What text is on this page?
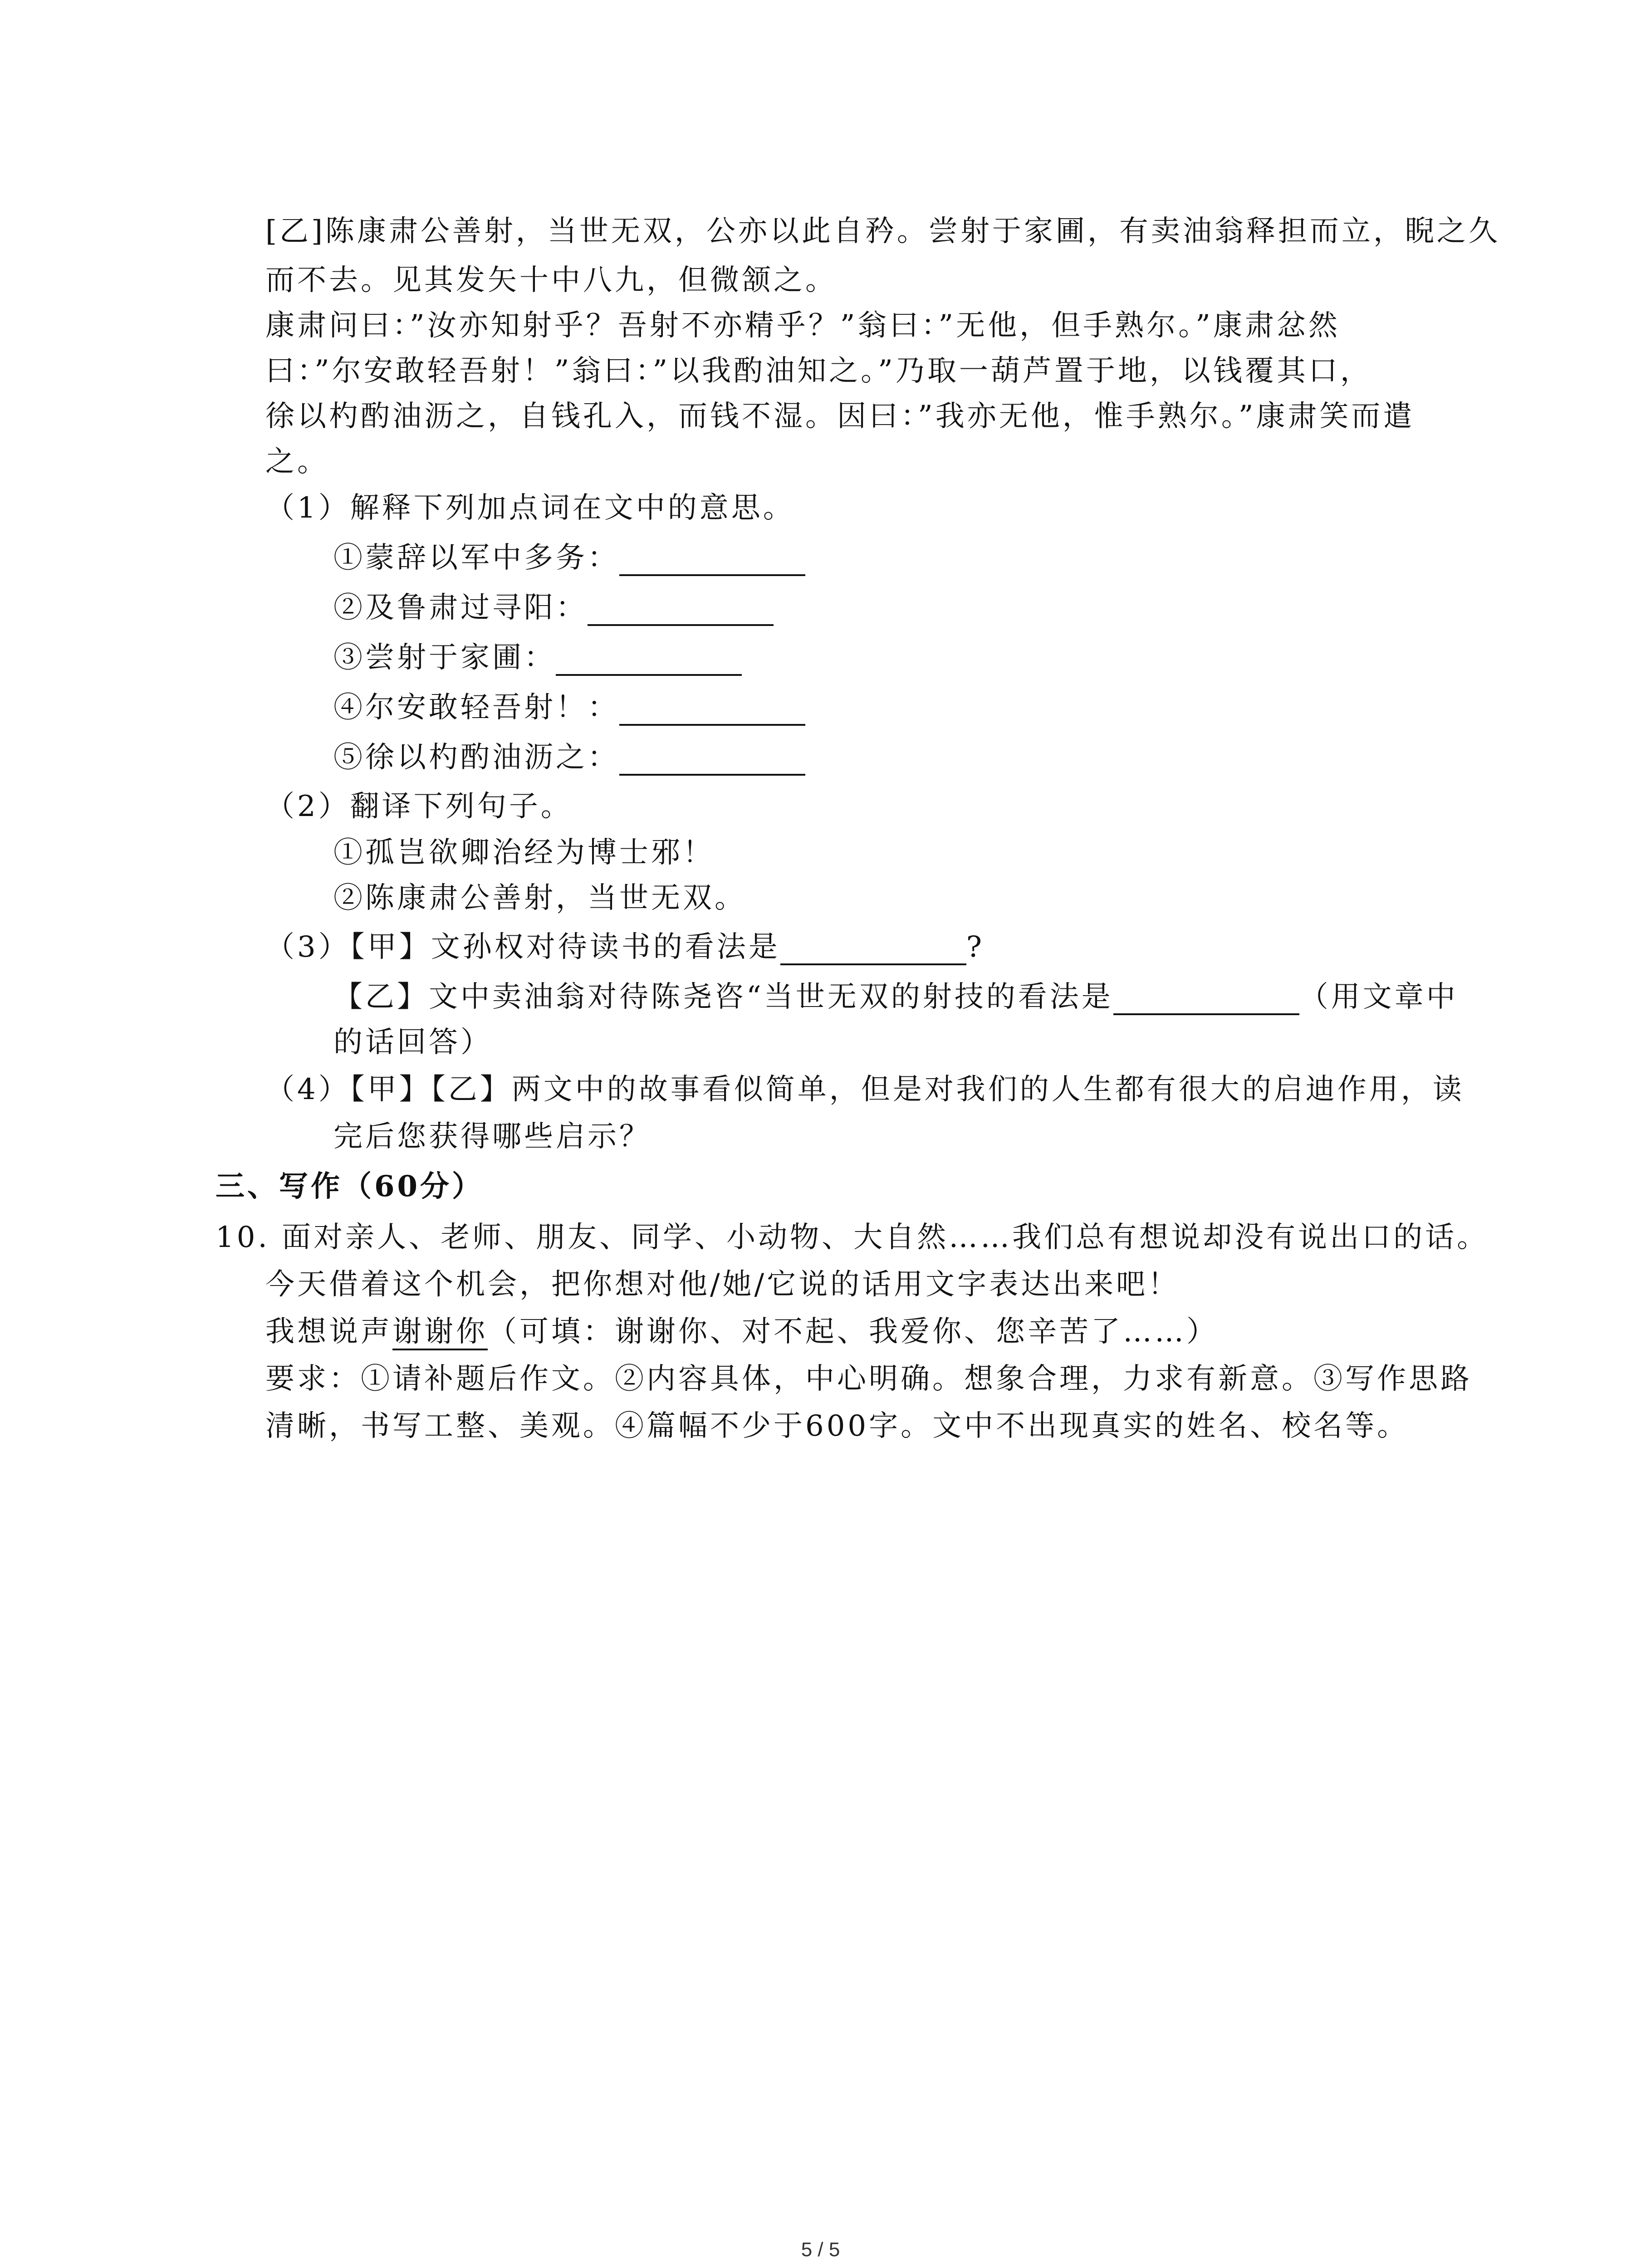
[乙]陈康肃公善射，当世无双，公亦以此自矜。尝射于家圃，有卖油翁释担而立，睨之久
而不去。见其发矢十中八九，但微颔之。
康肃问曰：”汝亦知射乎？吾射不亦精乎？”翁曰：”无他，但手熟尔。”康肃忿然
曰：”尔安敢轻吾射！”翁曰：”以我酌油知之。”乃取一葫芦置于地，以钱覆其口，
徐以杓酌油沥之，自钱孔入，而钱不湿。因曰：”我亦无他，惟手熟尔。”康肃笑而遣
之。
（1）解释下列加点词在文中的意思。
①蒙辞以军中多务：
②及鲁肃过寻阳：
③尝射于家圃：
④尔安敢轻吾射！：
⑤徐以杓酌油沥之：
（2）翻译下列句子。
①孤岂欲卿治经为博士邪！
②陈康肃公善射，当世无双。
（3）【甲】文孙权对待读书的看法是	?
【乙】文中卖油翁对待陈尧咨“当世无双的射技的看法是	（用文章中
的话回答）
（4）【甲】【乙】两文中的故事看似简单，但是对我们的人生都有很大的启迪作用，读
完后您获得哪些启示？
三、写作（60分）
10. 面对亲人、老师、朋友、同学、小动物、大自然……我们总有想说却没有说出口的话。
今天借着这个机会，把你想对他/她/它说的话用文字表达出来吧！
我想说声谢谢你（可填：谢谢你、对不起、我爱你、您辛苦了……）
要求：①请补题后作文。②内容具体，中心明确。想象合理，力求有新意。③写作思路
清晰，书写工整、美观。④篇幅不少于600字。文中不出现真实的姓名、校名等。
5 / 5
